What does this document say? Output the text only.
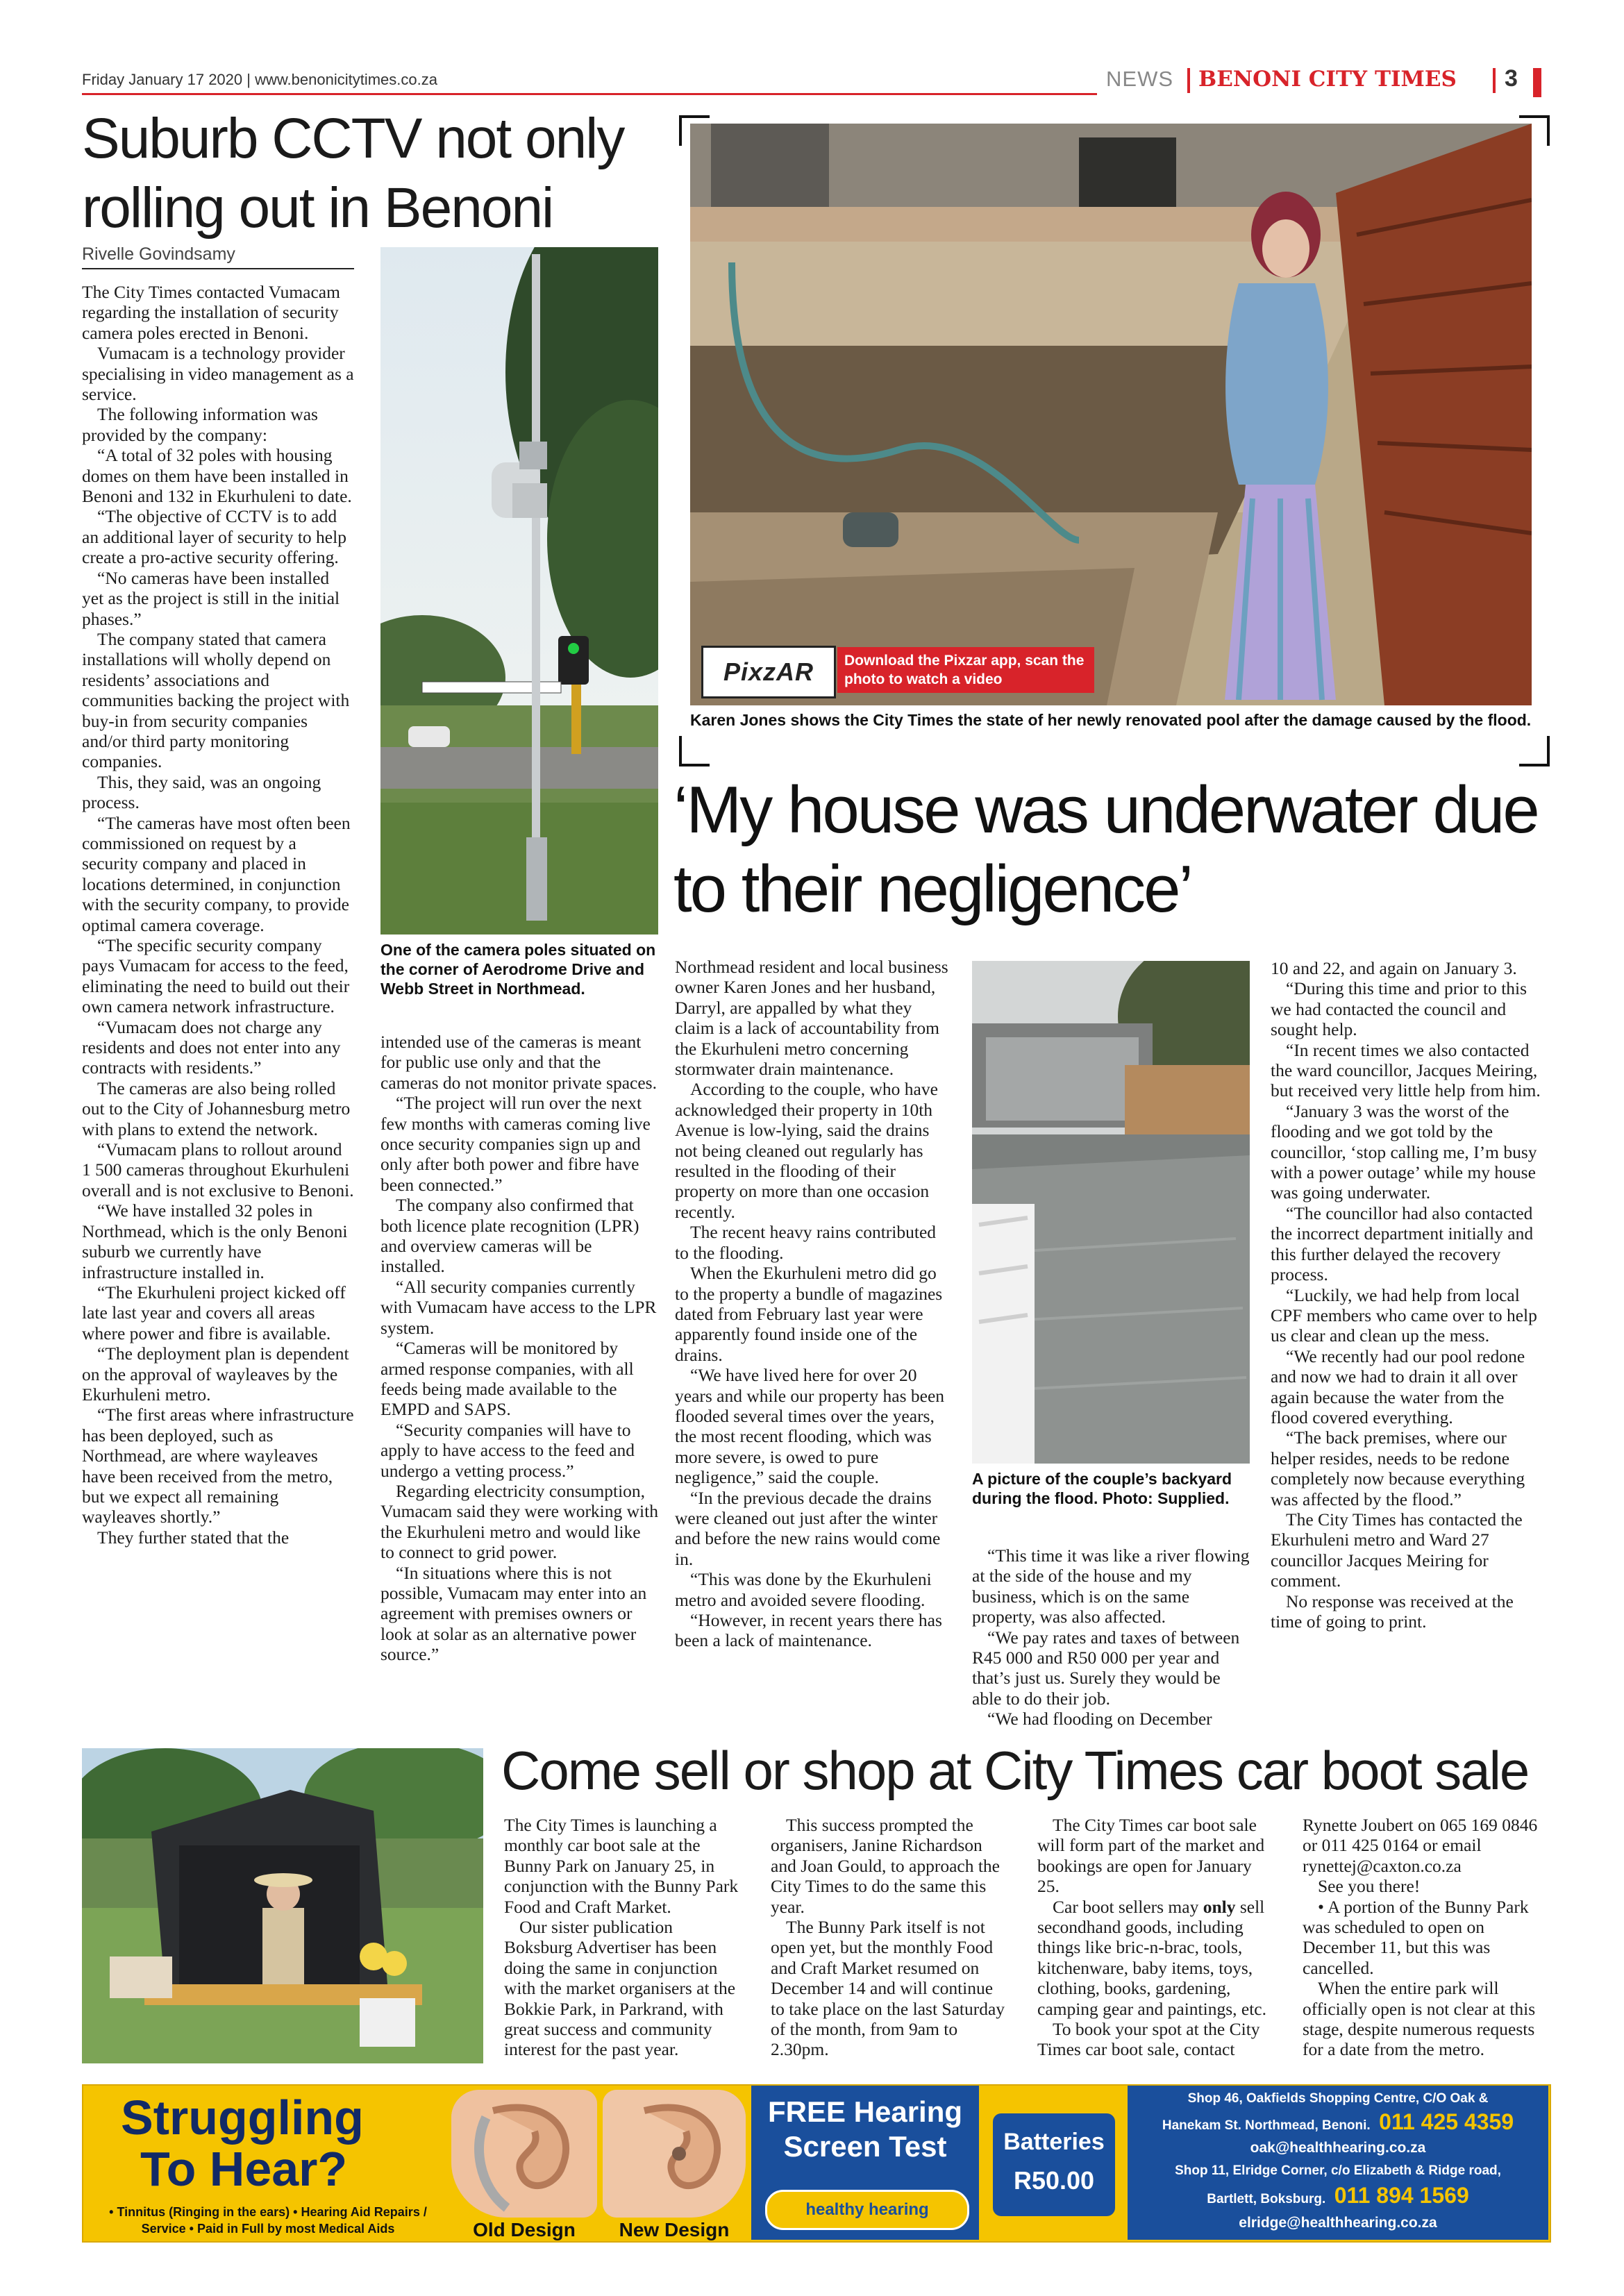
Friday January 17 2020 | www.benonicitytimes.co.za	NEWS BENONI CITY TIMES 3
Suburb CCTV not only rolling out in Benoni
Rivelle Govindsamy
One of the camera poles situated on the corner of Aerodrome Drive and Webb Street in Northmead.

The City Times contacted Vumacam regarding the installation of security camera poles erected in Benoni.

Vumacam is a technology provider specialising in video management as a service.

The following information was provided by the company:

“A total of 32 poles with housing domes on them have been installed in Benoni and 132 in Ekurhuleni to date.

“The objective of CCTV is to add an additional layer of security to help create a pro-active security offering.

“No cameras have been installed yet as the project is still in the initial phases.”

The company stated that camera installations will wholly depend on residents’ associations and communities backing the project with buy-in from security companies and/or third party monitoring companies.

This, they said, was an ongoing process.

“The cameras have most often been commissioned on request by a security company and placed in locations determined, in conjunction with the security company, to provide optimal camera coverage.

“The specific security company pays Vumacam for access to the feed, eliminating the need to build out their own camera network infrastructure.

“Vumacam does not charge any residents and does not enter into any contracts with residents.”

The cameras are also being rolled out to the City of Johannesburg metro with plans to extend the network.

“Vumacam plans to rollout around 1 500 cameras throughout Ekurhuleni overall and is not exclusive to Benoni.

“We have installed 32 poles in Northmead, which is the only Benoni suburb we currently have infrastructure installed in.

“The Ekurhuleni project kicked off late last year and covers all areas where power and fibre is available.

“The deployment plan is dependent on the approval of wayleaves by the Ekurhuleni metro.

“The first areas where infrastructure has been deployed, such as Northmead, are where wayleaves have been received from the metro, but we expect all remaining wayleaves shortly.”

They further stated that the

intended use of the cameras is meant for public use only and that the cameras do not monitor private spaces.

“The project will run over the next few months with cameras coming live once security companies sign up and only after both power and fibre have been connected.”

The company also confirmed that both licence plate recognition (LPR) and overview cameras will be installed.

“All security companies currently with Vumacam have access to the LPR system.

“Cameras will be monitored by armed response companies, with all feeds being made available to the EMPD and SAPS.

“Security companies will have to apply to have access to the feed and undergo a vetting process.”

Regarding electricity consumption, Vumacam said they were working with the Ekurhuleni metro and would like to connect to grid power.

“In situations where this is not possible, Vumacam may enter into an agreement with premises owners or look at solar as an alternative power source.”

PixzAR	Download the Pixzar app, scan the photo to watch a video
Karen Jones shows the City Times the state of her newly renovated pool after the damage caused by the flood.
‘My house was underwater due to their negligence’

Northmead resident and local business owner Karen Jones and her husband, Darryl, are appalled by what they claim is a lack of accountability from the Ekurhuleni metro concerning stormwater drain maintenance.

According to the couple, who have acknowledged their property in 10th Avenue is low-lying, said the drains not being cleaned out regularly has resulted in the flooding of their property on more than one occasion recently.

The recent heavy rains contributed to the flooding.

When the Ekurhuleni metro did go to the property a bundle of magazines dated from February last year were apparently found inside one of the drains.

“We have lived here for over 20 years and while our property has been flooded several times over the years, the most recent flooding, which was more severe, is owed to pure negligence,” said the couple.

“In the previous decade the drains were cleaned out just after the winter and before the new rains would come in.

“This was done by the Ekurhuleni metro and avoided severe flooding.

“However, in recent years there has been a lack of maintenance.

A picture of the couple’s backyard during the flood. Photo: Supplied.

“This time it was like a river flowing at the side of the house and my business, which is on the same property, was also affected.

“We pay rates and taxes of between R45 000 and R50 000 per year and that’s just us. Surely they would be able to do their job.

“We had flooding on December

10 and 22, and again on January 3.

“During this time and prior to this we had contacted the council and sought help.

“In recent times we also contacted the ward councillor, Jacques Meiring, but received very little help from him.

“January 3 was the worst of the flooding and we got told by the councillor, ‘stop calling me, I’m busy with a power outage’ while my house was going underwater.

“The councillor had also contacted the incorrect department initially and this further delayed the recovery process.

“Luckily, we had help from local CPF members who came over to help us clear and clean up the mess.

“We recently had our pool redone and now we had to drain it all over again because the water from the flood covered everything.

“The back premises, where our helper resides, needs to be redone completely now because everything was affected by the flood.”

The City Times has contacted the Ekurhuleni metro and Ward 27 councillor Jacques Meiring for comment.

No response was received at the time of going to print.

Come sell or shop at City Times car boot sale

The City Times is launching a monthly car boot sale at the Bunny Park on January 25, in conjunction with the Bunny Park Food and Craft Market.

Our sister publication Boksburg Advertiser has been doing the same in conjunction with the market organisers at the Bokkie Park, in Parkrand, with great success and community interest for the past year.

This success prompted the organisers, Janine Richardson and Joan Gould, to approach the City Times to do the same this year.

The Bunny Park itself is not open yet, but the monthly Food and Craft Market resumed on December 14 and will continue to take place on the last Saturday of the month, from 9am to 2.30pm.

The City Times car boot sale will form part of the market and bookings are open for January 25.

Car boot sellers may only sell secondhand goods, including things like bric-n-brac, tools, kitchenware, baby items, toys, clothing, books, gardening, camping gear and paintings, etc.

To book your spot at the City Times car boot sale, contact

Rynette Joubert on 065 169 0846 or 011 425 0164 or email rynettej@caxton.co.za

See you there!

• A portion of the Bunny Park was scheduled to open on December 11, but this was cancelled.

When the entire park will officially open is not clear at this stage, despite numerous requests for a date from the metro.

Struggling
To Hear?
• Tinnitus (Ringing in the ears) • Hearing Aid Repairs / Service • Paid in Full by most Medical Aids	Old Design	New Design
FREE Hearing
Screen Test
healthy hearing
Batteries
R50.00
Shop 46, Oakfields Shopping Centre, C/O Oak &
Hanekam St. Northmead, Benoni. 011 425 4359
oak@healthhearing.co.za
Shop 11, Elridge Corner, c/o Elizabeth & Ridge road,
Bartlett, Boksburg. 011 894 1569
elridge@healthhearing.co.za
